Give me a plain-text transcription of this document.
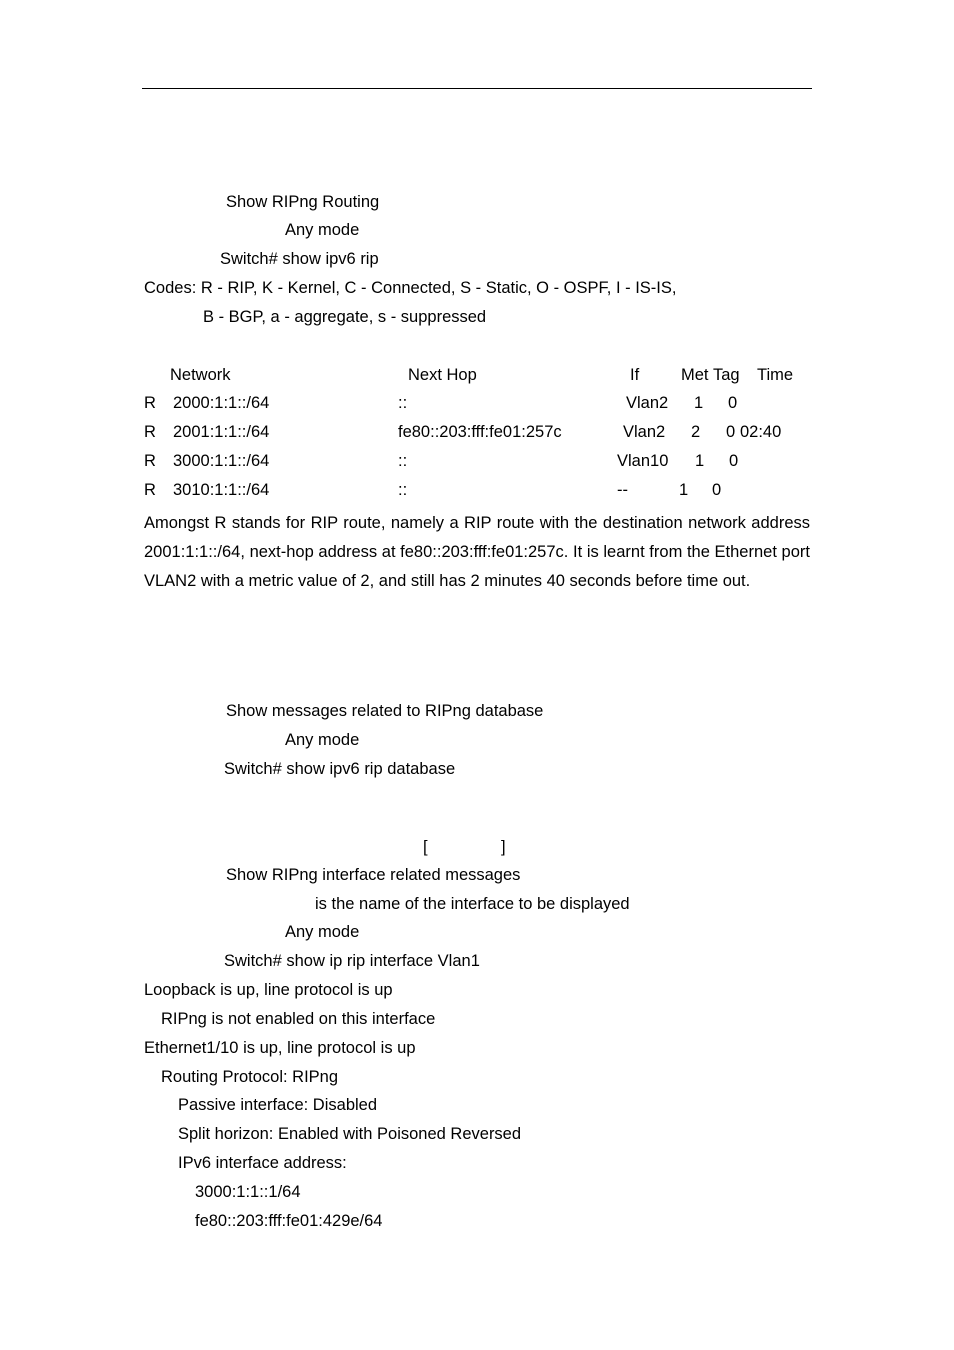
Show RIPng Routing
Any mode
Switch# show ipv6 rip
Codes: R - RIP, K - Kernel, C - Connected, S - Static, O - OSPF, I - IS-IS,
B - BGP, a - aggregate, s - suppressed
Network	Next Hop	If	Met Tag Time
R 2000:1:1::/64	::	Vlan2 1 0
R 2001:1:1::/64	fe80::203:fff:fe01:257c	Vlan2 2 0 02:40
R 3000:1:1::/64	::	Vlan10 1 0
R 3010:1:1::/64	::	--	1 0
Amongst R stands for RIP route, namely a RIP route with the destination network address 2001:1:1::/64, next-hop address at fe80::203:fff:fe01:257c. It is learnt from the Ethernet port VLAN2 with a metric value of 2, and still has 2 minutes 40 seconds before time out.
Show messages related to RIPng database
Any mode
Switch# show ipv6 rip database
[	]
Show RIPng interface related messages
is the name of the interface to be displayed
Any mode
Switch# show ip rip interface Vlan1
Loopback is up, line protocol is up
RIPng is not enabled on this interface
Ethernet1/10 is up, line protocol is up
Routing Protocol: RIPng
Passive interface: Disabled
Split horizon: Enabled with Poisoned Reversed
IPv6 interface address:
3000:1:1::1/64
fe80::203:fff:fe01:429e/64
